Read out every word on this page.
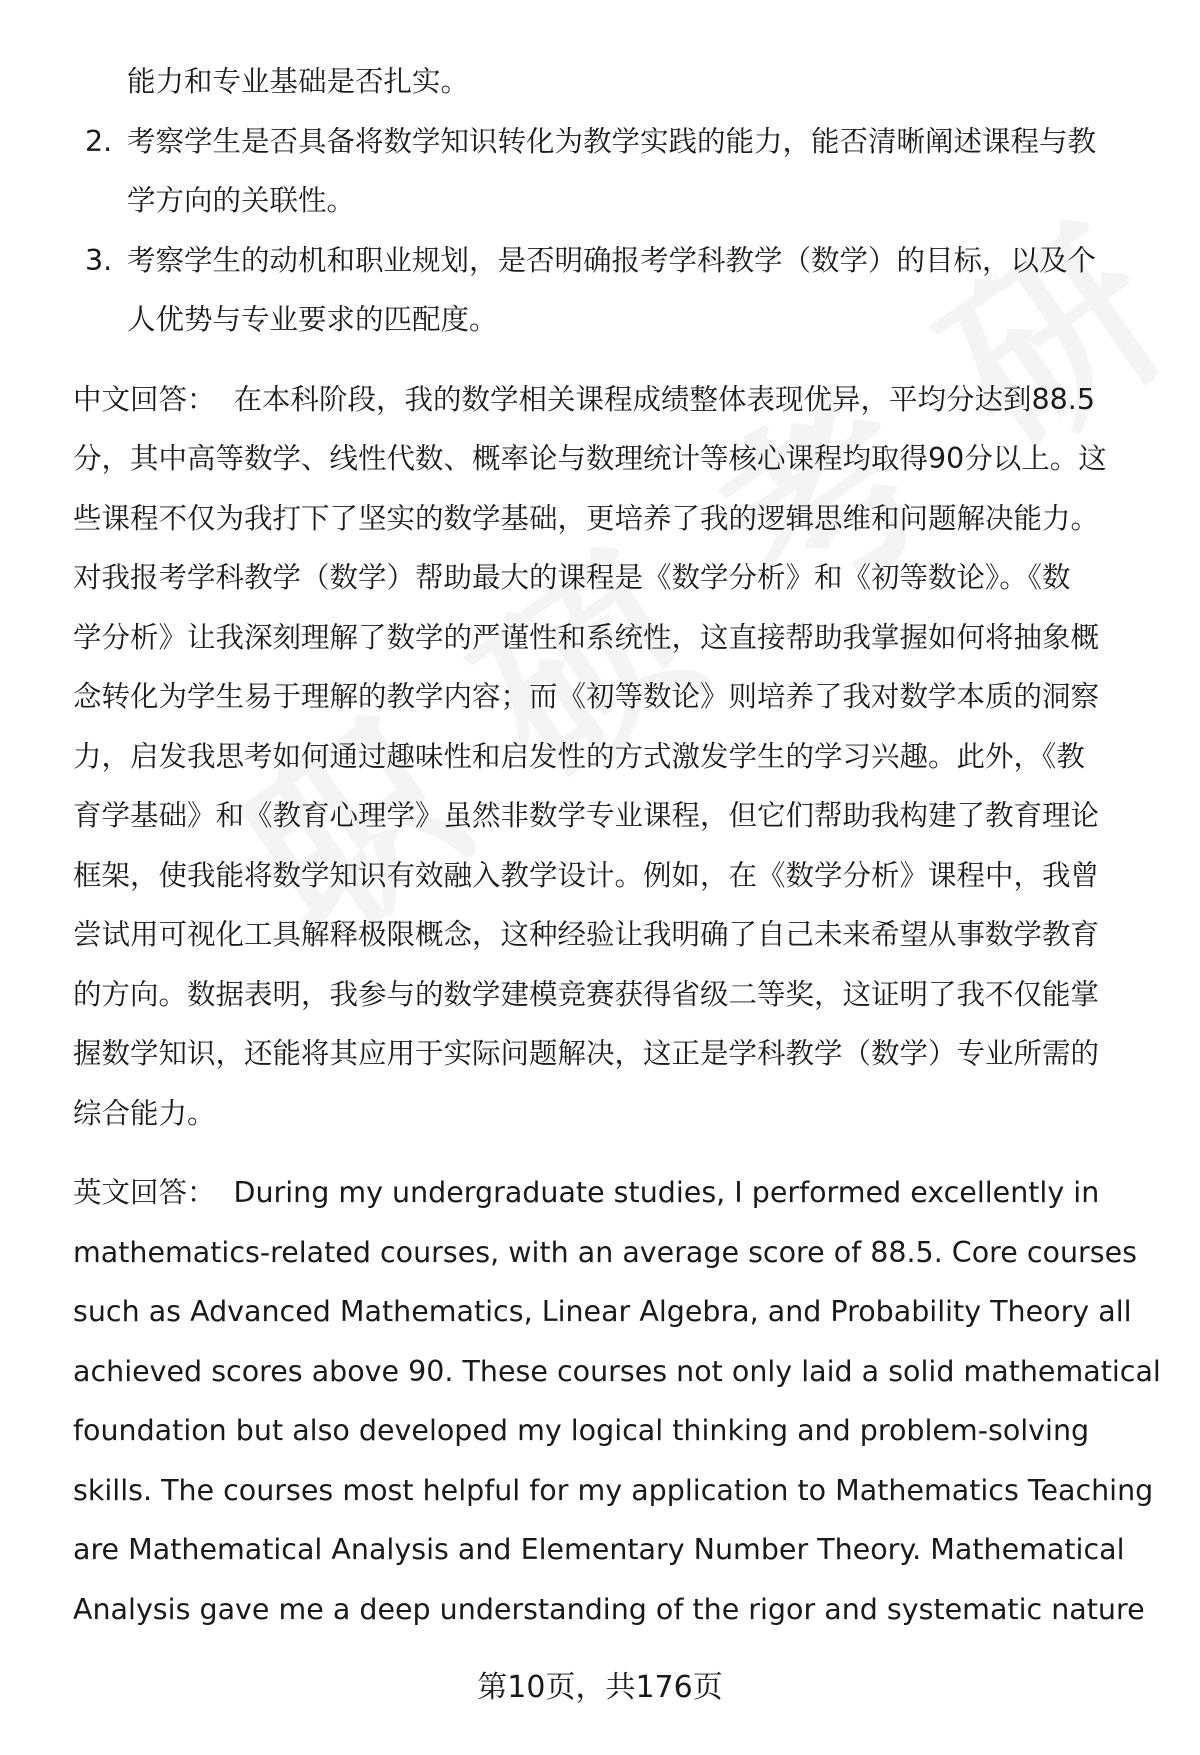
能力和专业基础是否扎实。
2. 考察学生是否具备将数学知识转化为教学实践的能力，能否清晰阐述课程与教
学方向的关联性。
3. 考察学生的动机和职业规划，是否明确报考学科教学（数学）的目标，以及个
人优势与专业要求的匹配度。
中文回答： 在本科阶段，我的数学相关课程成绩整体表现优异，平均分达到88.5
分，其中高等数学、线性代数、概率论与数理统计等核心课程均取得90分以上。这
些课程不仅为我打下了坚实的数学基础，更培养了我的逻辑思维和问题解决能力。
对我报考学科教学（数学）帮助最大的课程是《数学分析》和《初等数论》。《数
学分析》让我深刻理解了数学的严谨性和系统性，这直接帮助我掌握如何将抽象概
念转化为学生易于理解的教学内容；而《初等数论》则培养了我对数学本质的洞察
力，启发我思考如何通过趣味性和启发性的方式激发学生的学习兴趣。此外，《教
育学基础》和《教育心理学》虽然非数学专业课程，但它们帮助我构建了教育理论
框架，使我能将数学知识有效融入教学设计。例如，在《数学分析》课程中，我曾
尝试用可视化工具解释极限概念，这种经验让我明确了自己未来希望从事数学教育
的方向。数据表明，我参与的数学建模竞赛获得省级二等奖，这证明了我不仅能掌
握数学知识，还能将其应用于实际问题解决，这正是学科教学（数学）专业所需的
综合能力。
英文回答： During my undergraduate studies, I performed excellently in
mathematics-related courses, with an average score of 88.5. Core courses
such as Advanced Mathematics, Linear Algebra, and Probability Theory all
achieved scores above 90. These courses not only laid a solid mathematical
foundation but also developed my logical thinking and problem-solving
skills. The courses most helpful for my application to Mathematics Teaching
are Mathematical Analysis and Elementary Number Theory. Mathematical
Analysis gave me a deep understanding of the rigor and systematic nature
第10页，共176页
